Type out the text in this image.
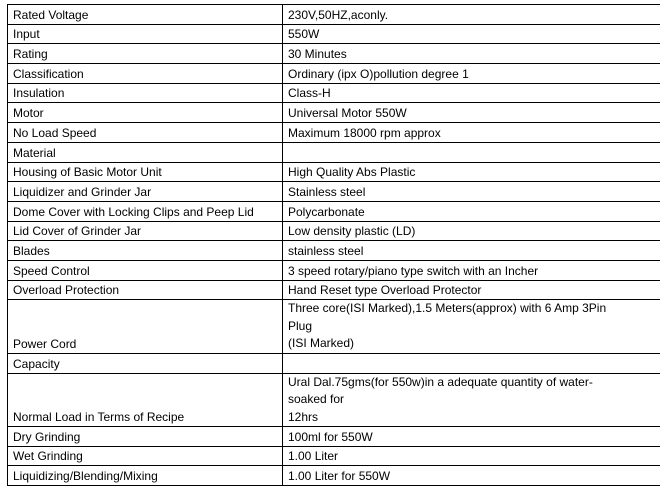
Rated Voltage	230V,50HZ,aconly.
Input	550W
Rating	30 Minutes
Classification	Ordinary (ipx O)pollution degree 1
Insulation	Class-H
Motor	Universal Motor 550W
No Load Speed	Maximum 18000 rpm approx
Material	
Housing of Basic Motor Unit	High Quality Abs Plastic
Liquidizer and Grinder Jar	Stainless steel
Dome Cover with Locking Clips and Peep Lid	Polycarbonate
Lid Cover of Grinder Jar	Low density plastic (LD)
Blades	stainless steel
Speed Control	3 speed rotary/piano type switch with an Incher
Overload Protection	Hand Reset type Overload Protector
Power Cord	Three core(ISI Marked),1.5 Meters(approx) with 6 Amp 3Pin
Plug
(ISI Marked)

Capacity	
Normal Load in Terms of Recipe	Ural Dal.75gms(for 550w)in a adequate quantity of water-
soaked for
12hrs

Dry Grinding	100ml for 550W
Wet Grinding	1.00 Liter
Liquidizing/Blending/Mixing	1.00 Liter for 550W
